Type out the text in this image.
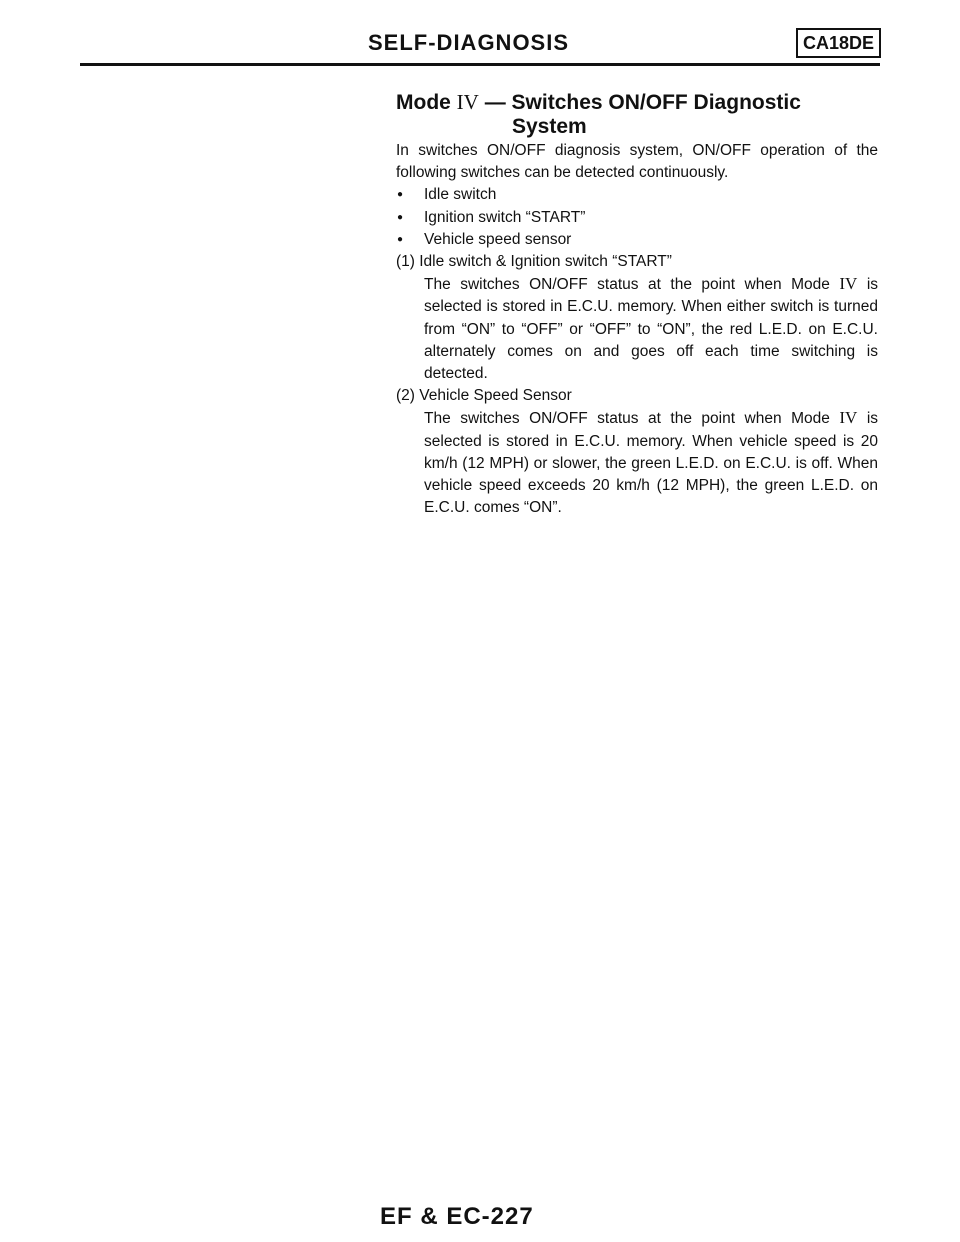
SELF-DIAGNOSIS	CA18DE
Mode IV — Switches ON/OFF Diagnostic
System

In switches ON/OFF diagnosis system, ON/OFF operation of the following switches can be detected continuously.

● Idle switch
● Ignition switch “START”
● Vehicle speed sensor
(1) Idle switch & Ignition switch “START”
The switches ON/OFF status at the point when Mode IV is selected is stored in E.C.U. memory. When either switch is turned from “ON” to “OFF” or “OFF” to “ON”, the red L.E.D. on E.C.U. alternately comes on and goes off each time switching is detected.
(2) Vehicle Speed Sensor
The switches ON/OFF status at the point when Mode IV is selected is stored in E.C.U. memory. When vehicle speed is 20 km/h (12 MPH) or slower, the green L.E.D. on E.C.U. is off. When vehicle speed exceeds 20 km/h (12 MPH), the green L.E.D. on E.C.U. comes “ON”.
EF & EC-227
